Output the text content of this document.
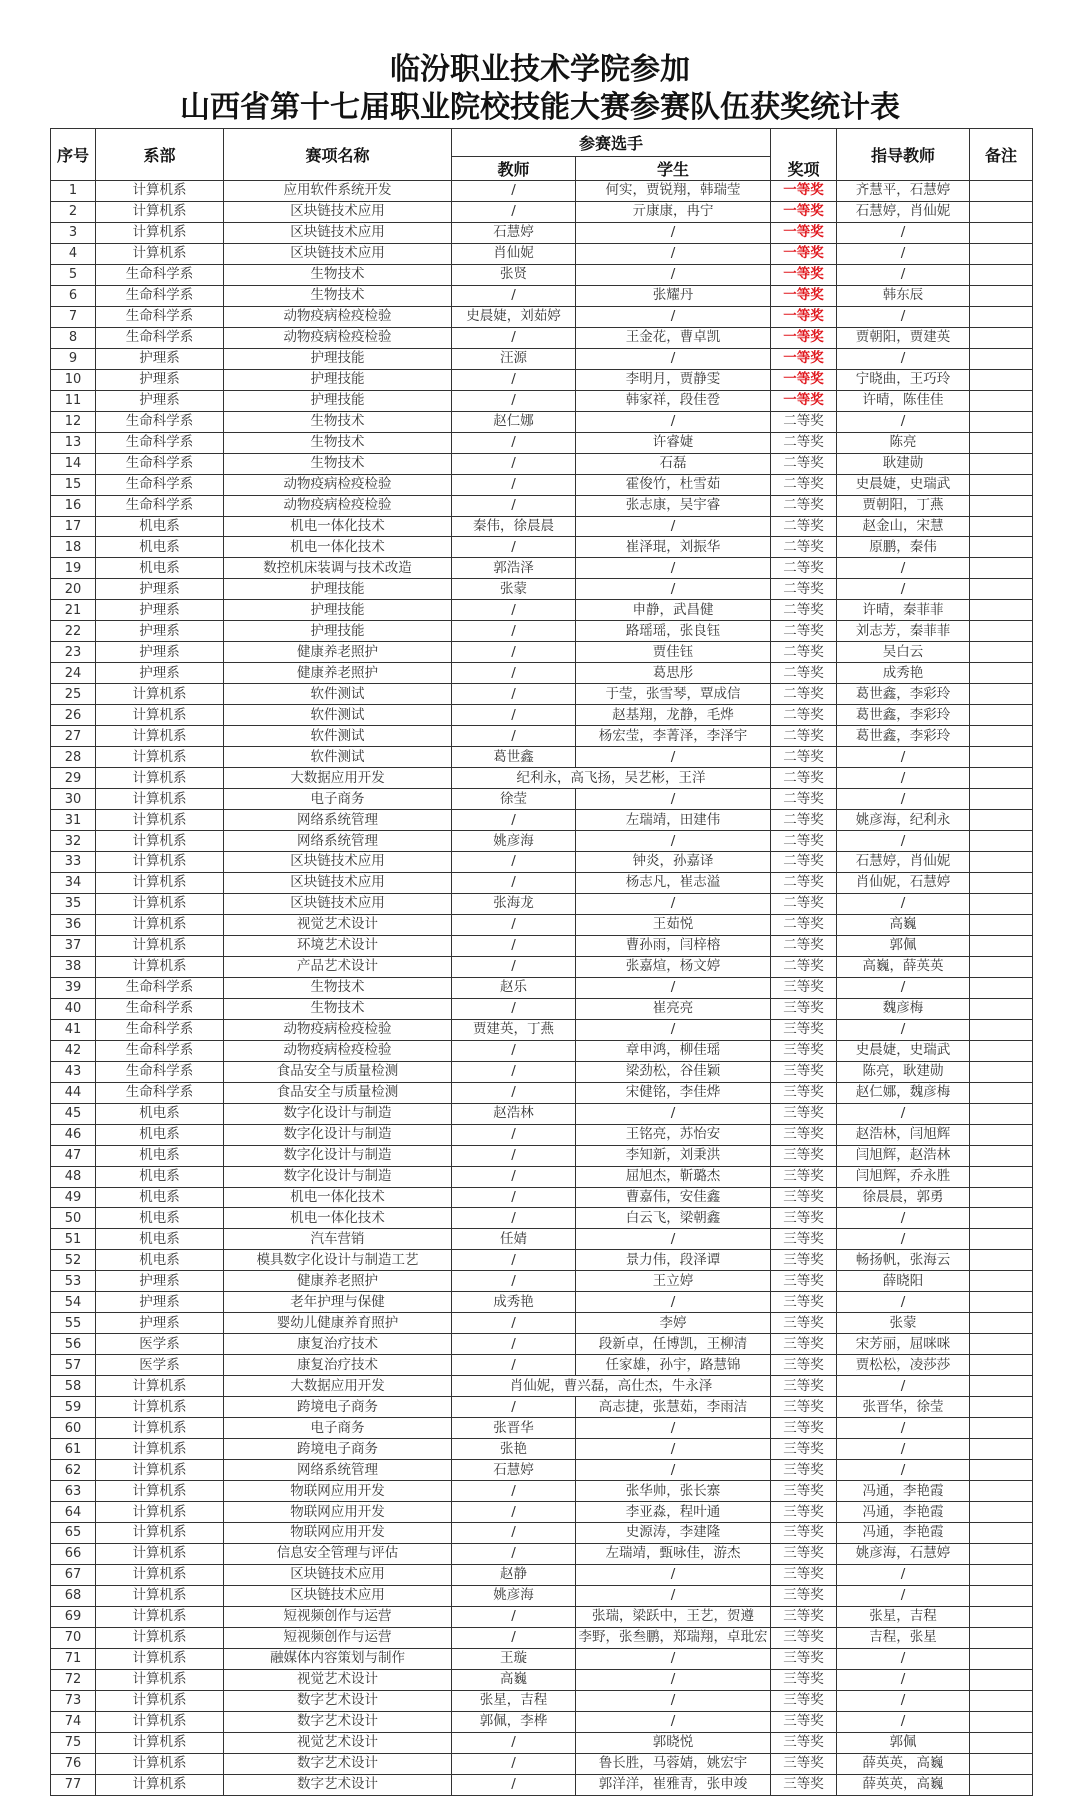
临汾职业技术学院参加
山西省第十七届职业院校技能大赛参赛队伍获奖统计表
序号	系部	赛项名称	参赛选手		奖项	指导教师	备注
			教师	学生			
1	计算机系	应用软件系统开发	/	何实，贾锐翔，韩瑞莹	一等奖	齐慧平，石慧婷	
2	计算机系	区块链技术应用	/	亓康康，冉宁	一等奖	石慧婷，肖仙妮	
3	计算机系	区块链技术应用	石慧婷	/	一等奖	/	
4	计算机系	区块链技术应用	肖仙妮	/	一等奖	/	
5	生命科学系	生物技术	张贤	/	一等奖	/	
6	生命科学系	生物技术	/	张耀丹	一等奖	韩东辰	
7	生命科学系	动物疫病检疫检验	史晨婕，刘茹婷	/	一等奖	/	
8	生命科学系	动物疫病检疫检验	/	王金花，曹卓凯	一等奖	贾朝阳，贾建英	
9	护理系	护理技能	汪源	/	一等奖	/	
10	护理系	护理技能	/	李明月，贾静雯	一等奖	宁晓曲，王巧玲	
11	护理系	护理技能	/	韩家祥，段佳卺	一等奖	许晴，陈佳佳	
12	生命科学系	生物技术	赵仁娜	/	二等奖	/	
13	生命科学系	生物技术	/	许睿婕	二等奖	陈亮	
14	生命科学系	生物技术	/	石磊	二等奖	耿建勋	
15	生命科学系	动物疫病检疫检验	/	霍俊竹，杜雪茹	二等奖	史晨婕，史瑞武	
16	生命科学系	动物疫病检疫检验	/	张志康，吴宇睿	二等奖	贾朝阳，丁燕	
17	机电系	机电一体化技术	秦伟，徐晨晨	/	二等奖	赵金山，宋慧	
18	机电系	机电一体化技术	/	崔泽琨，刘振华	二等奖	原鹏，秦伟	
19	机电系	数控机床装调与技术改造	郭浩泽	/	二等奖	/	
20	护理系	护理技能	张蒙	/	二等奖	/	
21	护理系	护理技能	/	申静，武昌健	二等奖	许晴，秦菲菲	
22	护理系	护理技能	/	路瑶瑶，张良钰	二等奖	刘志芳，秦菲菲	
23	护理系	健康养老照护	/	贾佳钰	二等奖	吴白云	
24	护理系	健康养老照护	/	葛思彤	二等奖	成秀艳	
25	计算机系	软件测试	/	于莹，张雪琴，覃成信	二等奖	葛世鑫，李彩玲	
26	计算机系	软件测试	/	赵基翔，龙静，毛烨	二等奖	葛世鑫，李彩玲	
27	计算机系	软件测试	/	杨宏莹，李菁泽，李泽宇	二等奖	葛世鑫，李彩玲	
28	计算机系	软件测试	葛世鑫	/	二等奖	/	
29	计算机系	大数据应用开发	纪利永，高飞扬，吴艺彬，王洋		二等奖	/	
30	计算机系	电子商务	徐莹	/	二等奖	/	
31	计算机系	网络系统管理	/	左瑞靖，田建伟	二等奖	姚彦海，纪利永	
32	计算机系	网络系统管理	姚彦海	/	二等奖	/	
33	计算机系	区块链技术应用	/	钟炎，孙嘉译	二等奖	石慧婷，肖仙妮	
34	计算机系	区块链技术应用	/	杨志凡，崔志溢	二等奖	肖仙妮，石慧婷	
35	计算机系	区块链技术应用	张海龙	/	二等奖	/	
36	计算机系	视觉艺术设计	/	王茹悦	二等奖	高巍	
37	计算机系	环境艺术设计	/	曹孙雨，闫梓榕	二等奖	郭佩	
38	计算机系	产品艺术设计	/	张嘉煊，杨文婷	二等奖	高巍，薛英英	
39	生命科学系	生物技术	赵乐	/	三等奖	/	
40	生命科学系	生物技术	/	崔亮亮	三等奖	魏彦梅	
41	生命科学系	动物疫病检疫检验	贾建英，丁燕	/	三等奖	/	
42	生命科学系	动物疫病检疫检验	/	章申鸿，柳佳瑶	三等奖	史晨婕，史瑞武	
43	生命科学系	食品安全与质量检测	/	梁劲松，谷佳颖	三等奖	陈亮，耿建勋	
44	生命科学系	食品安全与质量检测	/	宋健铭，李佳烨	三等奖	赵仁娜，魏彦梅	
45	机电系	数字化设计与制造	赵浩林	/	三等奖	/	
46	机电系	数字化设计与制造	/	王铭亮，苏怡安	三等奖	赵浩林，闫旭辉	
47	机电系	数字化设计与制造	/	李知新，刘秉洪	三等奖	闫旭辉，赵浩林	
48	机电系	数字化设计与制造	/	屈旭杰，靳璐杰	三等奖	闫旭辉，乔永胜	
49	机电系	机电一体化技术	/	曹嘉伟，安佳鑫	三等奖	徐晨晨，郭勇	
50	机电系	机电一体化技术	/	白云飞，梁朝鑫	三等奖	/	
51	机电系	汽车营销	任婧	/	三等奖	/	
52	机电系	模具数字化设计与制造工艺	/	景力伟，段泽谭	三等奖	畅扬帆，张海云	
53	护理系	健康养老照护	/	王立婷	三等奖	薛晓阳	
54	护理系	老年护理与保健	成秀艳	/	三等奖	/	
55	护理系	婴幼儿健康养育照护	/	李婷	三等奖	张蒙	
56	医学系	康复治疗技术	/	段新卓，任博凯，王柳清	三等奖	宋芳丽，屈咪咪	
57	医学系	康复治疗技术	/	任家雄，孙宇，路慧锦	三等奖	贾松松，凌莎莎	
58	计算机系	大数据应用开发	肖仙妮，曹兴磊，高仕杰，牛永泽		三等奖	/	
59	计算机系	跨境电子商务	/	高志捷，张慧茹，李雨洁	三等奖	张晋华，徐莹	
60	计算机系	电子商务	张晋华	/	三等奖	/	
61	计算机系	跨境电子商务	张艳	/	三等奖	/	
62	计算机系	网络系统管理	石慧婷	/	三等奖	/	
63	计算机系	物联网应用开发	/	张华帅，张长寨	三等奖	冯通，李艳霞	
64	计算机系	物联网应用开发	/	李亚淼，程叶通	三等奖	冯通，李艳霞	
65	计算机系	物联网应用开发	/	史源涛，李建隆	三等奖	冯通，李艳霞	
66	计算机系	信息安全管理与评估	/	左瑞靖，甄咏佳，游杰	三等奖	姚彦海，石慧婷	
67	计算机系	区块链技术应用	赵静	/	三等奖	/	
68	计算机系	区块链技术应用	姚彦海	/	三等奖	/	
69	计算机系	短视频创作与运营	/	张瑞，梁跃中，王艺，贺遵	三等奖	张星，吉程	
70	计算机系	短视频创作与运营	/	李野，张叁鹏，郑瑞翔，卓玭宏	三等奖	吉程，张星	
71	计算机系	融媒体内容策划与制作	王璇	/	三等奖	/	
72	计算机系	视觉艺术设计	高巍	/	三等奖	/	
73	计算机系	数字艺术设计	张星，吉程	/	三等奖	/	
74	计算机系	数字艺术设计	郭佩，李桦	/	三等奖	/	
75	计算机系	视觉艺术设计	/	郭晓悦	三等奖	郭佩	
76	计算机系	数字艺术设计	/	鲁长胜，马蓉婧，姚宏宇	三等奖	薛英英，高巍	
77	计算机系	数字艺术设计	/	郭洋洋，崔雅青，张申竣	三等奖	薛英英，高巍	
